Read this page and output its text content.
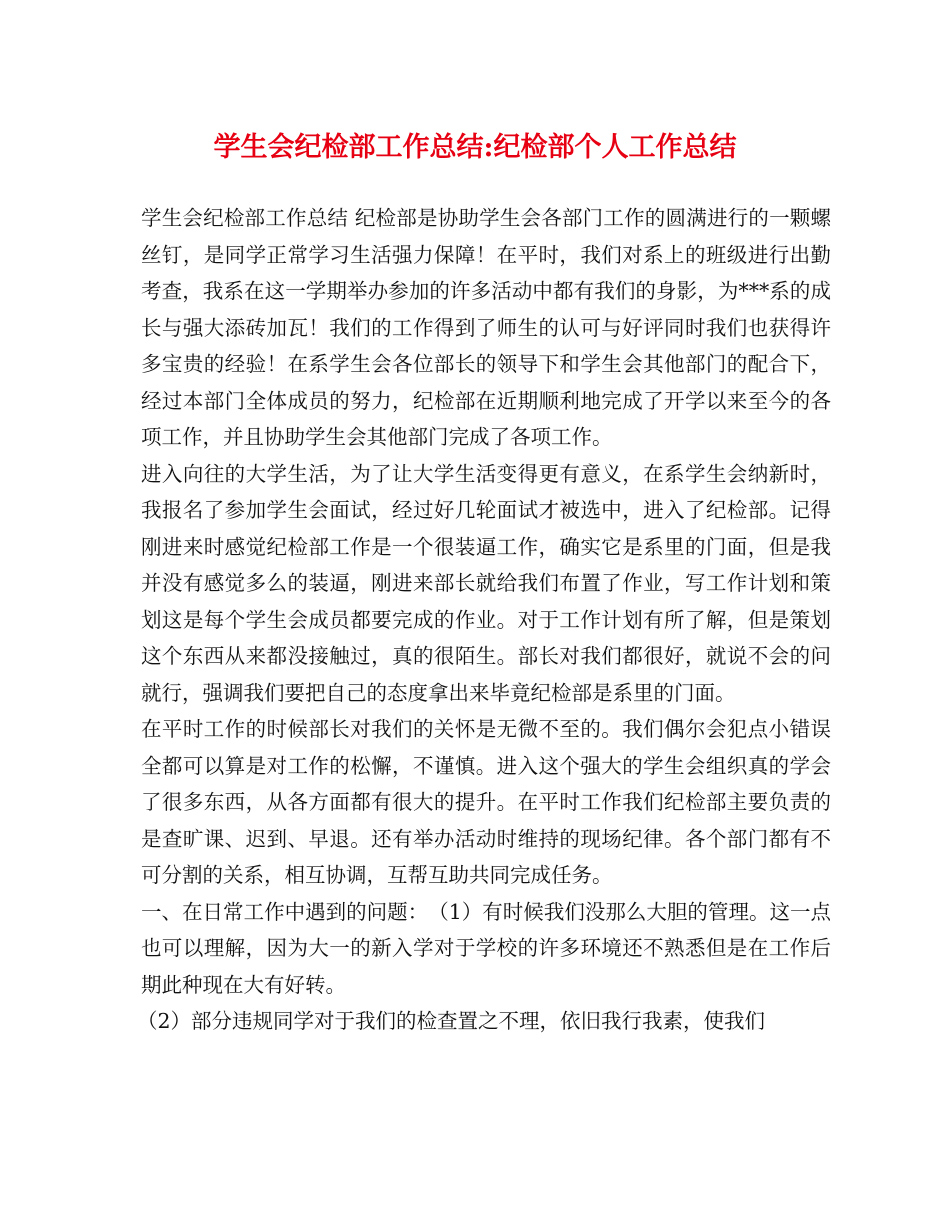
学生会纪检部工作总结:纪检部个人工作总结

学生会纪检部工作总结 纪检部是协助学生会各部门工作的圆满进行的一颗螺丝钉，是同学正常学习生活强力保障！在平时，我们对系上的班级进行出勤考查，我系在这一学期举办参加的许多活动中都有我们的身影，为***系的成长与强大添砖加瓦！我们的工作得到了师生的认可与好评同时我们也获得许多宝贵的经验！在系学生会各位部长的领导下和学生会其他部门的配合下，经过本部门全体成员的努力，纪检部在近期顺利地完成了开学以来至今的各项工作，并且协助学生会其他部门完成了各项工作。

进入向往的大学生活，为了让大学生活变得更有意义，在系学生会纳新时，我报名了参加学生会面试，经过好几轮面试才被选中，进入了纪检部。记得刚进来时感觉纪检部工作是一个很装逼工作，确实它是系里的门面，但是我并没有感觉多么的装逼，刚进来部长就给我们布置了作业，写工作计划和策划这是每个学生会成员都要完成的作业。对于工作计划有所了解，但是策划这个东西从来都没接触过，真的很陌生。部长对我们都很好，就说不会的问就行，强调我们要把自己的态度拿出来毕竟纪检部是系里的门面。

在平时工作的时候部长对我们的关怀是无微不至的。我们偶尔会犯点小错误全都可以算是对工作的松懈，不谨慎。进入这个强大的学生会组织真的学会了很多东西，从各方面都有很大的提升。在平时工作我们纪检部主要负责的是查旷课、迟到、早退。还有举办活动时维持的现场纪律。各个部门都有不可分割的关系，相互协调，互帮互助共同完成任务。

一、在日常工作中遇到的问题：　（1）有时候我们没那么大胆的管理。这一点也可以理解，因为大一的新入学对于学校的许多环境还不熟悉但是在工作后期此种现在大有好转。

（2）部分违规同学对于我们的检查置之不理，依旧我行我素，使我们
